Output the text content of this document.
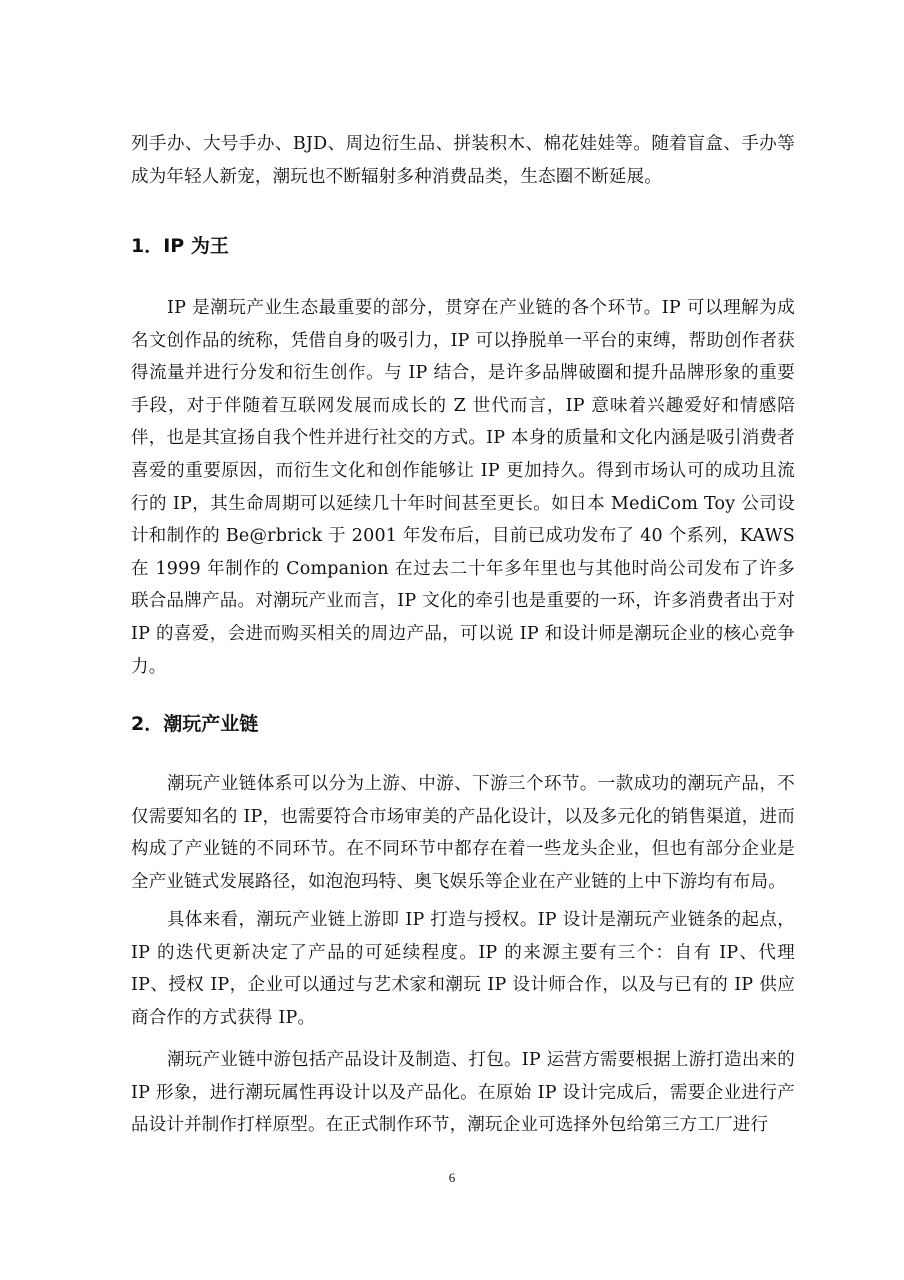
列手办、大号手办、BJD、周边衍生品、拼装积木、棉花娃娃等。随着盲盒、手办等成为年轻人新宠，潮玩也不断辐射多种消费品类，生态圈不断延展。

1．IP 为王

IP 是潮玩产业生态最重要的部分，贯穿在产业链的各个环节。IP 可以理解为成名文创作品的统称，凭借自身的吸引力，IP 可以挣脱单一平台的束缚，帮助创作者获得流量并进行分发和衍生创作。与 IP 结合，是许多品牌破圈和提升品牌形象的重要手段，对于伴随着互联网发展而成长的 Z 世代而言，IP 意味着兴趣爱好和情感陪伴，也是其宣扬自我个性并进行社交的方式。IP 本身的质量和文化内涵是吸引消费者喜爱的重要原因，而衍生文化和创作能够让 IP 更加持久。得到市场认可的成功且流行的 IP，其生命周期可以延续几十年时间甚至更长。如日本 MediCom Toy 公司设计和制作的 Be@rbrick 于 2001 年发布后，目前已成功发布了 40 个系列，KAWS 在 1999 年制作的 Companion 在过去二十年多年里也与其他时尚公司发布了许多联合品牌产品。对潮玩产业而言，IP 文化的牵引也是重要的一环，许多消费者出于对 IP 的喜爱，会进而购买相关的周边产品，可以说 IP 和设计师是潮玩企业的核心竞争力。

2．潮玩产业链

潮玩产业链体系可以分为上游、中游、下游三个环节。一款成功的潮玩产品，不仅需要知名的 IP，也需要符合市场审美的产品化设计，以及多元化的销售渠道，进而构成了产业链的不同环节。在不同环节中都存在着一些龙头企业，但也有部分企业是全产业链式发展路径，如泡泡玛特、奥飞娱乐等企业在产业链的上中下游均有布局。

具体来看，潮玩产业链上游即 IP 打造与授权。IP 设计是潮玩产业链条的起点，IP 的迭代更新决定了产品的可延续程度。IP 的来源主要有三个：自有 IP、代理 IP、授权 IP，企业可以通过与艺术家和潮玩 IP 设计师合作，以及与已有的 IP 供应商合作的方式获得 IP。

潮玩产业链中游包括产品设计及制造、打包。IP 运营方需要根据上游打造出来的 IP 形象，进行潮玩属性再设计以及产品化。在原始 IP 设计完成后，需要企业进行产品设计并制作打样原型。在正式制作环节，潮玩企业可选择外包给第三方工厂进行

6
